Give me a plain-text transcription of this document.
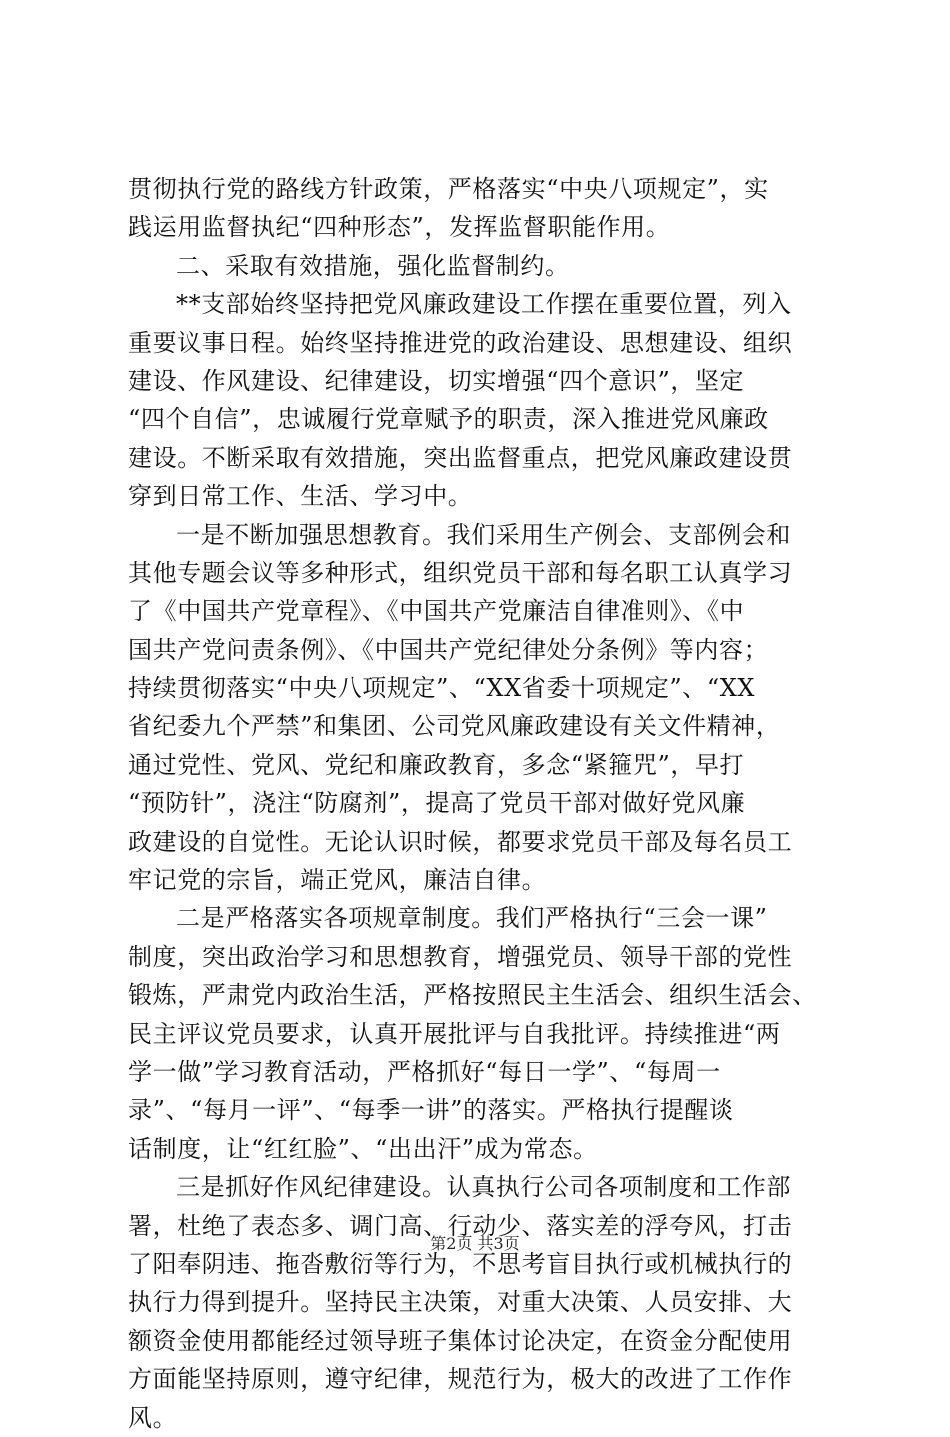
贯彻执行党的路线方针政策，严格落实“中央八项规定”，实
践运用监督执纪“四种形态”，发挥监督职能作用。
二、采取有效措施，强化监督制约。
**支部始终坚持把党风廉政建设工作摆在重要位置，列入
重要议事日程。始终坚持推进党的政治建设、思想建设、组织
建设、作风建设、纪律建设，切实增强“四个意识”，坚定
“四个自信”，忠诚履行党章赋予的职责，深入推进党风廉政
建设。不断采取有效措施，突出监督重点，把党风廉政建设贯
穿到日常工作、生活、学习中。
一是不断加强思想教育。我们采用生产例会、支部例会和
其他专题会议等多种形式，组织党员干部和每名职工认真学习
了《中国共产党章程》、《中国共产党廉洁自律准则》、《中
国共产党问责条例》、《中国共产党纪律处分条例》等内容；
持续贯彻落实“中央八项规定”、“XX省委十项规定”、“XX
省纪委九个严禁”和集团、公司党风廉政建设有关文件精神，
通过党性、党风、党纪和廉政教育，多念“紧箍咒”，早打
“预防针”，浇注“防腐剂”，提高了党员干部对做好党风廉
政建设的自觉性。无论认识时候，都要求党员干部及每名员工
牢记党的宗旨，端正党风，廉洁自律。
二是严格落实各项规章制度。我们严格执行“三会一课”
制度，突出政治学习和思想教育，增强党员、领导干部的党性
锻炼，严肃党内政治生活，严格按照民主生活会、组织生活会、
民主评议党员要求，认真开展批评与自我批评。持续推进“两
学一做”学习教育活动，严格抓好“每日一学”、“每周一
录”、“每月一评”、“每季一讲”的落实。严格执行提醒谈
话制度，让“红红脸”、“出出汗”成为常态。
三是抓好作风纪律建设。认真执行公司各项制度和工作部
署，杜绝了表态多、调门高、行动少、落实差的浮夸风，打击
了阳奉阴违、拖沓敷衍等行为，不思考盲目执行或机械执行的
执行力得到提升。坚持民主决策，对重大决策、人员安排、大
额资金使用都能经过领导班子集体讨论决定，在资金分配使用
方面能坚持原则，遵守纪律，规范行为，极大的改进了工作作
风。
第2页 共3页
